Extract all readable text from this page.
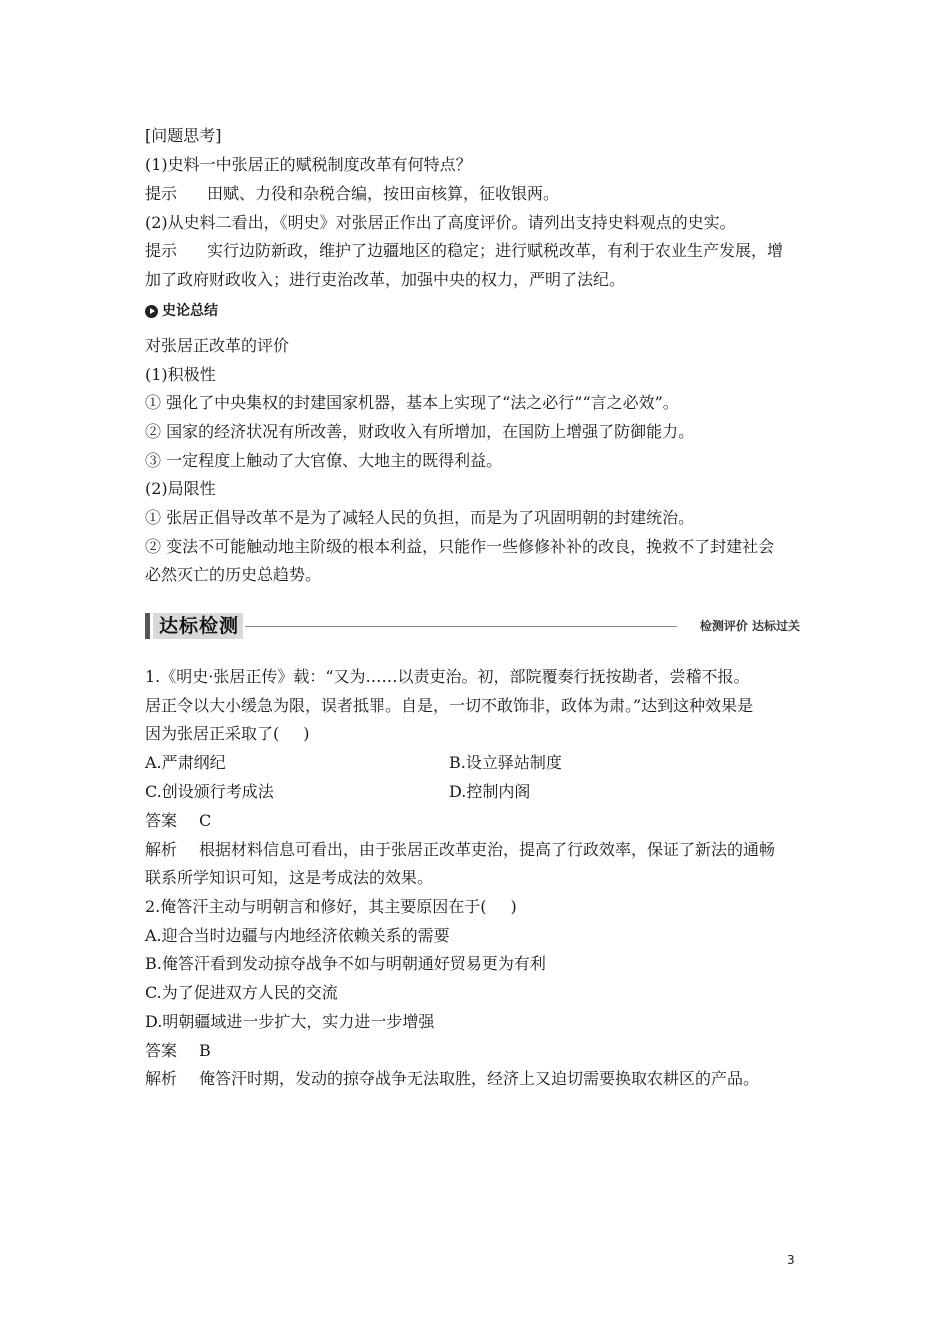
[问题思考]
(1)史料一中张居正的赋税制度改革有何特点？
提示 田赋、力役和杂税合编，按田亩核算，征收银两。
(2)从史料二看出，《明史》对张居正作出了高度评价。请列出支持史料观点的史实。
提示 实行边防新政，维护了边疆地区的稳定；进行赋税改革，有利于农业生产发展，增
加了政府财政收入；进行吏治改革，加强中央的权力，严明了法纪。
史论总结
对张居正改革的评价
(1)积极性
① 强化了中央集权的封建国家机器，基本上实现了“法之必行”“言之必效”。
② 国家的经济状况有所改善，财政收入有所增加，在国防上增强了防御能力。
③ 一定程度上触动了大官僚、大地主的既得利益。
(2)局限性
① 张居正倡导改革不是为了减轻人民的负担，而是为了巩固明朝的封建统治。
② 变法不可能触动地主阶级的根本利益，只能作一些修修补补的改良，挽救不了封建社会
必然灭亡的历史总趋势。
达标检测	检测评价 达标过关
1.《明史·张居正传》载：“又为……以责吏治。初，部院覆奏行抚按勘者，尝稽不报。
居正令以大小缓急为限，误者抵罪。自是，一切不敢饰非，政体为肃。”达到这种效果是
因为张居正采取了( )
A.严肃纲纪	B.设立驿站制度
C.创设颁行考成法	D.控制内阁
答案 C
解析 根据材料信息可看出，由于张居正改革吏治，提高了行政效率，保证了新法的通畅
联系所学知识可知，这是考成法的效果。
2.俺答汗主动与明朝言和修好，其主要原因在于( )
A.迎合当时边疆与内地经济依赖关系的需要
B.俺答汗看到发动掠夺战争不如与明朝通好贸易更为有利
C.为了促进双方人民的交流
D.明朝疆域进一步扩大，实力进一步增强
答案 B
解析 俺答汗时期，发动的掠夺战争无法取胜，经济上又迫切需要换取农耕区的产品。
3
